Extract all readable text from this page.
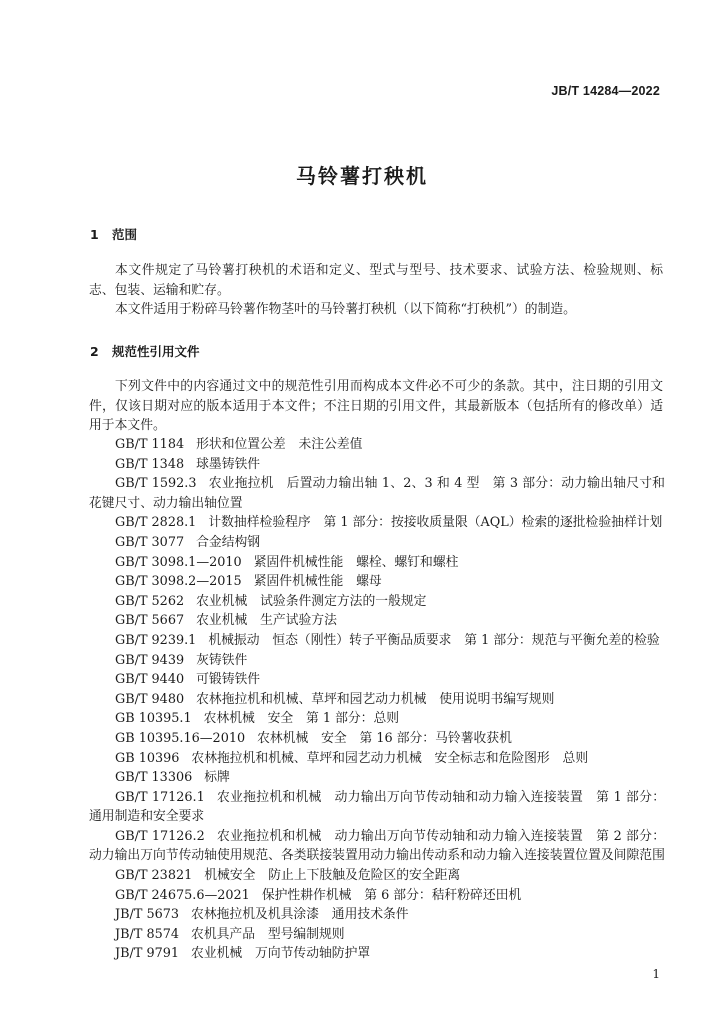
JB/T 14284—2022
马铃薯打秧机
1 范围
本文件规定了马铃薯打秧机的术语和定义、型式与型号、技术要求、试验方法、检验规则、标志、包装、运输和贮存。
本文件适用于粉碎马铃薯作物茎叶的马铃薯打秧机（以下简称“打秧机”）的制造。
2 规范性引用文件
下列文件中的内容通过文中的规范性引用而构成本文件必不可少的条款。其中，注日期的引用文件，仅该日期对应的版本适用于本文件；不注日期的引用文件，其最新版本（包括所有的修改单）适用于本文件。
GB/T 1184 形状和位置公差　未注公差值
GB/T 1348 球墨铸铁件
GB/T 1592.3 农业拖拉机　后置动力输出轴 1、2、3 和 4 型　第 3 部分：动力输出轴尺寸和花键尺寸、动力输出轴位置
GB/T 2828.1 计数抽样检验程序　第 1 部分：按接收质量限（AQL）检索的逐批检验抽样计划
GB/T 3077 合金结构钢
GB/T 3098.1—2010 紧固件机械性能　螺栓、螺钉和螺柱
GB/T 3098.2—2015 紧固件机械性能　螺母
GB/T 5262 农业机械　试验条件测定方法的一般规定
GB/T 5667 农业机械　生产试验方法
GB/T 9239.1 机械振动　恒态（刚性）转子平衡品质要求　第 1 部分：规范与平衡允差的检验
GB/T 9439 灰铸铁件
GB/T 9440 可锻铸铁件
GB/T 9480 农林拖拉机和机械、草坪和园艺动力机械　使用说明书编写规则
GB 10395.1 农林机械　安全　第 1 部分：总则
GB 10395.16—2010 农林机械　安全　第 16 部分：马铃薯收获机
GB 10396 农林拖拉机和机械、草坪和园艺动力机械　安全标志和危险图形　总则
GB/T 13306 标牌
GB/T 17126.1 农业拖拉机和机械　动力输出万向节传动轴和动力输入连接装置　第 1 部分：通用制造和安全要求
GB/T 17126.2 农业拖拉机和机械　动力输出万向节传动轴和动力输入连接装置　第 2 部分：动力输出万向节传动轴使用规范、各类联接装置用动力输出传动系和动力输入连接装置位置及间隙范围
GB/T 23821 机械安全　防止上下肢触及危险区的安全距离
GB/T 24675.6—2021 保护性耕作机械　第 6 部分：秸秆粉碎还田机
JB/T 5673 农林拖拉机及机具涂漆　通用技术条件
JB/T 8574 农机具产品　型号编制规则
JB/T 9791 农业机械　万向节传动轴防护罩
1
